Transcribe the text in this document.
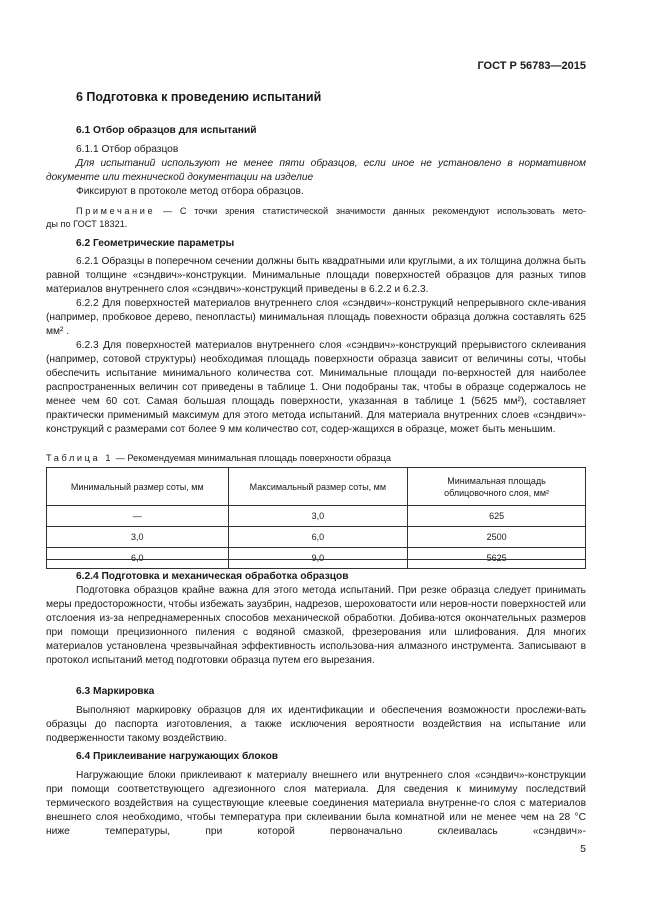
ГОСТ Р 56783—2015
6 Подготовка к проведению испытаний
6.1 Отбор образцов для испытаний
6.1.1 Отбор образцов
Для испытаний используют не менее пяти образцов, если иное не установлено в нормативном
документе или технической документации на изделие
Фиксируют в протоколе метод отбора образцов.
Примечание — С точки зрения статистической значимости данных рекомендуют использовать мето-
ды по ГОСТ 18321.
6.2 Геометрические параметры
6.2.1 Образцы в поперечном сечении должны быть квадратными или круглыми, а их толщина должна быть равной толщине «сэндвич»-конструкции. Минимальные площади поверхностей образцов для разных типов материалов внутреннего слоя «сэндвич»-конструкций приведены в 6.2.2 и 6.2.3.
6.2.2 Для поверхностей материалов внутреннего слоя «сэндвич»-конструкций непрерывного скле-ивания (например, пробковое дерево, пенопласты) минимальная площадь повехности образца должна составлять 625 мм² .
6.2.3 Для поверхностей материалов внутреннего слоя «сэндвич»-конструкций прерывистого склеивания (например, сотовой структуры) необходимая площадь поверхности образца зависит от величины соты, чтобы обеспечить испытание минимального количества сот. Минимальные площади по-верхностей для наиболее распространенных величин сот приведены в таблице 1. Они подобраны так, чтобы в образце содержалось не менее чем 60 сот. Самая большая площадь поверхности, указанная в таблице 1 (5625 мм²), составляет практически применимый максимум для этого метода испытаний. Для материала внутренних слоев «сэндвич»-конструкций с размерами сот более 9 мм количество сот, содер-жащихся в образце, может быть меньшим.
Таблица 1 — Рекомендуемая минимальная площадь поверхности образца
Минимальный размер соты, мм	Максимальный размер соты, мм	Минимальная площадь облицовочного слоя, мм²
—	3,0	625
3,0	6,0	2500
6,0	9,0	5625
6.2.4 Подготовка и механическая обработка образцов
Подготовка образцов крайне важна для этого метода испытаний. При резке образца следует принимать меры предосторожности, чтобы избежать заузбрин, надрезов, шероховатости или неров-ности поверхностей или отслоения из-за непреднамеренных способов механической обработки. Добива-ются окончательных размеров при помощи прецизионного пиления с водяной смазкой, фрезерования или шлифования. Для многих материалов установлена чрезвычайная эффективность использова-ния алмазного инструмента. Записывают в протокол испытаний метод подготовки образца путем его вырезания.
6.3 Маркировка
Выполняют маркировку образцов для их идентификации и обеспечения возможности прослежи-вать образцы до паспорта изготовления, а также исключения вероятности воздействия на испытание или подверженности такому воздействию.
6.4 Приклеивание нагружающих блоков
Нагружающие блоки приклеивают к материалу внешнего или внутреннего слоя «сэндвич»-конструкции при помощи соответствующего адгезионного слоя материала. Для сведения к минимуму последствий термического воздействия на существующие клеевые соединения материала внутренне-го слоя с материалов внешнего слоя необходимо, чтобы температура при склеивании была комнатной или не менее чем на 28 °С ниже температуры, при которой первоначально склеивалась «сэндвич»-
5
